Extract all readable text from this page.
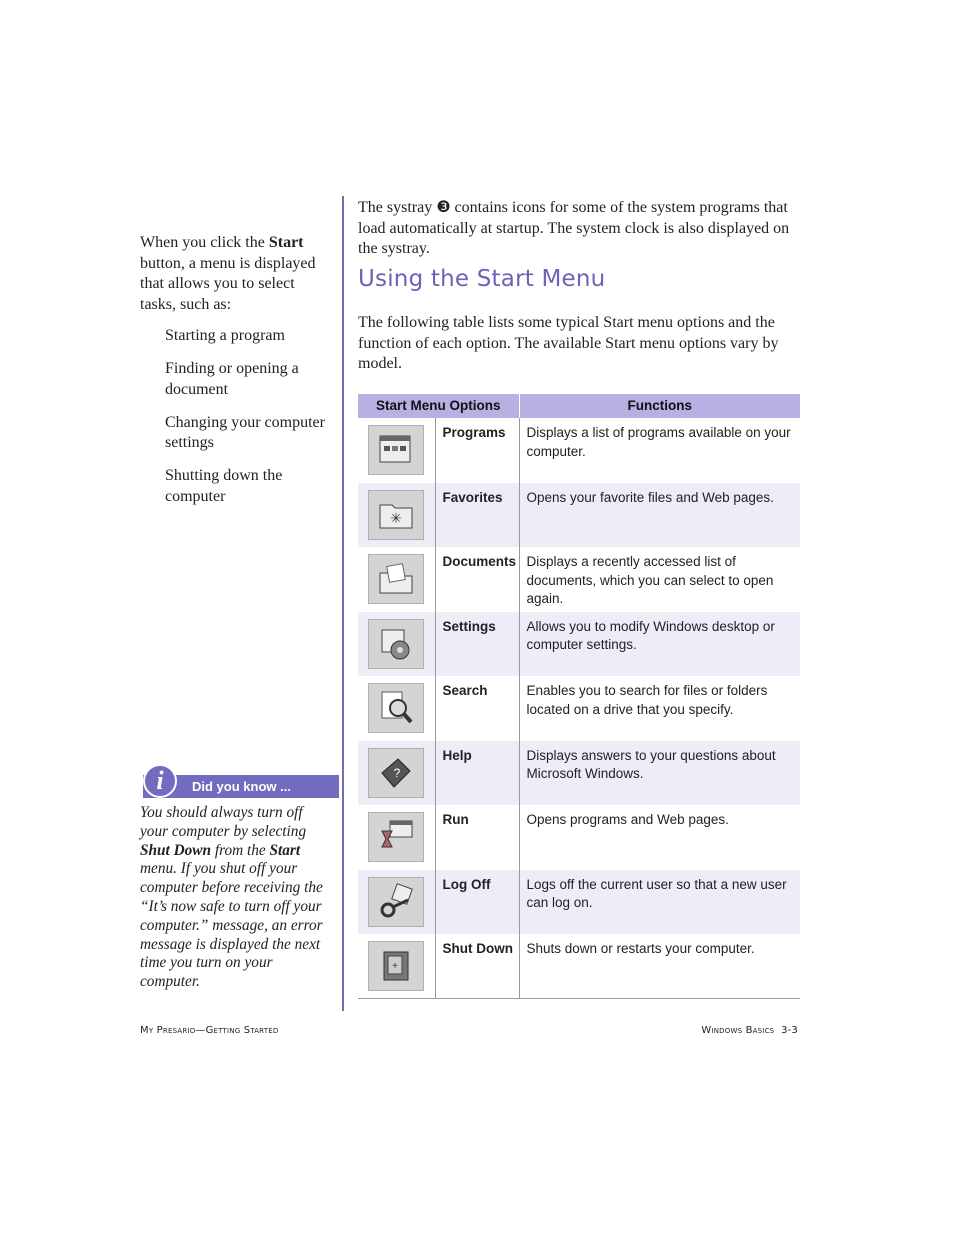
When you click the Start button, a menu is displayed that allows you to select tasks, such as:

Starting a program
Finding or opening a document
Changing your computer settings
Shutting down the computer
i	Did you know ...

You should always turn off your computer by selecting Shut Down from the Start menu. If you shut off your computer before receiving the “It’s now safe to turn off your computer.” message, an error message is displayed the next time you turn on your computer.

The systray ❸ contains icons for some of the system programs that load automatically at startup. The system clock is also displayed on the systray.

Using the Start Menu

The following table lists some typical Start menu options and the function of each option. The available Start menu options vary by model.

Start Menu Options		Functions

	Programs	Displays a list of programs available on your computer.

✳	Favorites	Opens your favorite files and Web pages.

	Documents	Displays a recently accessed list of documents, which you can select to open again.

	Settings	Allows you to modify Windows desktop or computer settings.

	Search	Enables you to search for files or folders located on a drive that you specify.

?	Help	Displays answers to your questions about Microsoft Windows.

	Run	Opens programs and Web pages.

	Log Off	Logs off the current user so that a new user can log on.

+	Shut Down	Shuts down or restarts your computer.
My Presario—Getting Started	Windows Basics 3-3
